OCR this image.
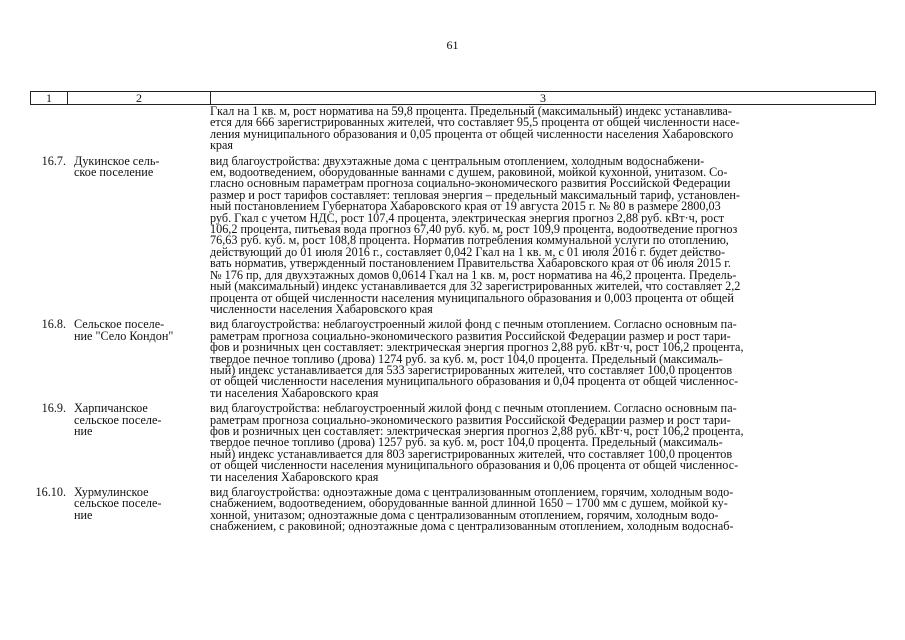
61
1	2	3
Гкал на 1 кв. м, рост норматива на 59,8 процента. Предельный (максимальный) индекс устанавлива-
ется для 666 зарегистрированных жителей, что составляет 95,5 процента от общей численности насе-
ления муниципального образования и 0,05 процента от общей численности населения Хабаровского
края
16.7. Дукинское сель-
ское поселение
вид благоустройства: двухэтажные дома с центральным отоплением, холодным водоснабжени-
ем, водоотведением, оборудованные ваннами с душем, раковиной, мойкой кухонной, унитазом. Со-
гласно основным параметрам прогноза социально-экономического развития Российской Федерации
размер и рост тарифов составляет: тепловая энергия – предельный максимальный тариф, установлен-
ный постановлением Губернатора Хабаровского края от 19 августа 2015 г. № 80 в размере 2800,03
руб. Гкал с учетом НДС, рост 107,4 процента, электрическая энергия прогноз 2,88 руб. кВт·ч, рост
106,2 процента, питьевая вода прогноз 67,40 руб. куб. м, рост 109,9 процента, водоотведение прогноз
76,63 руб. куб. м, рост 108,8 процента. Норматив потребления коммунальной услуги по отоплению,
действующий до 01 июля 2016 г., составляет 0,042 Гкал на 1 кв. м, с 01 июля 2016 г. будет действо-
вать норматив, утвержденный постановлением Правительства Хабаровского края от 06 июля 2015 г.
№ 176 пр, для двухэтажных домов 0,0614 Гкал на 1 кв. м, рост норматива на 46,2 процента. Предель-
ный (максимальный) индекс устанавливается для 32 зарегистрированных жителей, что составляет 2,2
процента от общей численности населения муниципального образования и 0,003 процента от общей
численности населения Хабаровского края
16.8. Сельское поселе-
ние "Село Кондон"
вид благоустройства: неблагоустроенный жилой фонд с печным отоплением. Согласно основным па-
раметрам прогноза социально-экономического развития Российской Федерации размер и рост тари-
фов и розничных цен составляет: электрическая энергия прогноз 2,88 руб. кВт·ч, рост 106,2 процента,
твердое печное топливо (дрова) 1274 руб. за куб. м, рост 104,0 процента. Предельный (максималь-
ный) индекс устанавливается для 533 зарегистрированных жителей, что составляет 100,0 процентов
от общей численности населения муниципального образования и 0,04 процента от общей численнос-
ти населения Хабаровского края
16.9. Харпичанское
сельское поселе-
ние
вид благоустройства: неблагоустроенный жилой фонд с печным отоплением. Согласно основным па-
раметрам прогноза социально-экономического развития Российской Федерации размер и рост тари-
фов и розничных цен составляет: электрическая энергия прогноз 2,88 руб. кВт·ч, рост 106,2 процента,
твердое печное топливо (дрова) 1257 руб. за куб. м, рост 104,0 процента. Предельный (максималь-
ный) индекс устанавливается для 803 зарегистрированных жителей, что составляет 100,0 процентов
от общей численности населения муниципального образования и 0,06 процента от общей численнос-
ти населения Хабаровского края
16.10. Хурмулинское
сельское поселе-
ние
вид благоустройства: одноэтажные дома с централизованным отоплением, горячим, холодным водо-
снабжением, водоотведением, оборудованные ванной длинной 1650 – 1700 мм с душем, мойкой ку-
хонной, унитазом; одноэтажные дома с централизованным отоплением, горячим, холодным водо-
снабжением, с раковиной; одноэтажные дома с централизованным отоплением, холодным водоснаб-
